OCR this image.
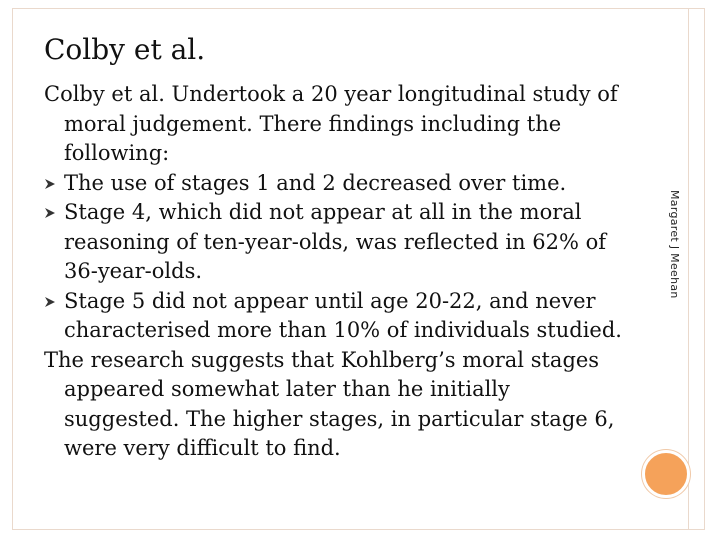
Colby et al.

Colby et al. Undertook a 20 year longitudinal study of moral judgement. There findings including the following:

The use of stages 1 and 2 decreased over time.
Stage 4, which did not appear at all in the moral reasoning of ten-year-olds, was reflected in 62% of 36-year-olds.
Stage 5 did not appear until age 20-22, and never characterised more than 10% of individuals studied.

The research suggests that Kohlberg’s moral stages appeared somewhat later than he initially suggested. The higher stages, in particular stage 6, were very difficult to find.

Margaret J Meehan
